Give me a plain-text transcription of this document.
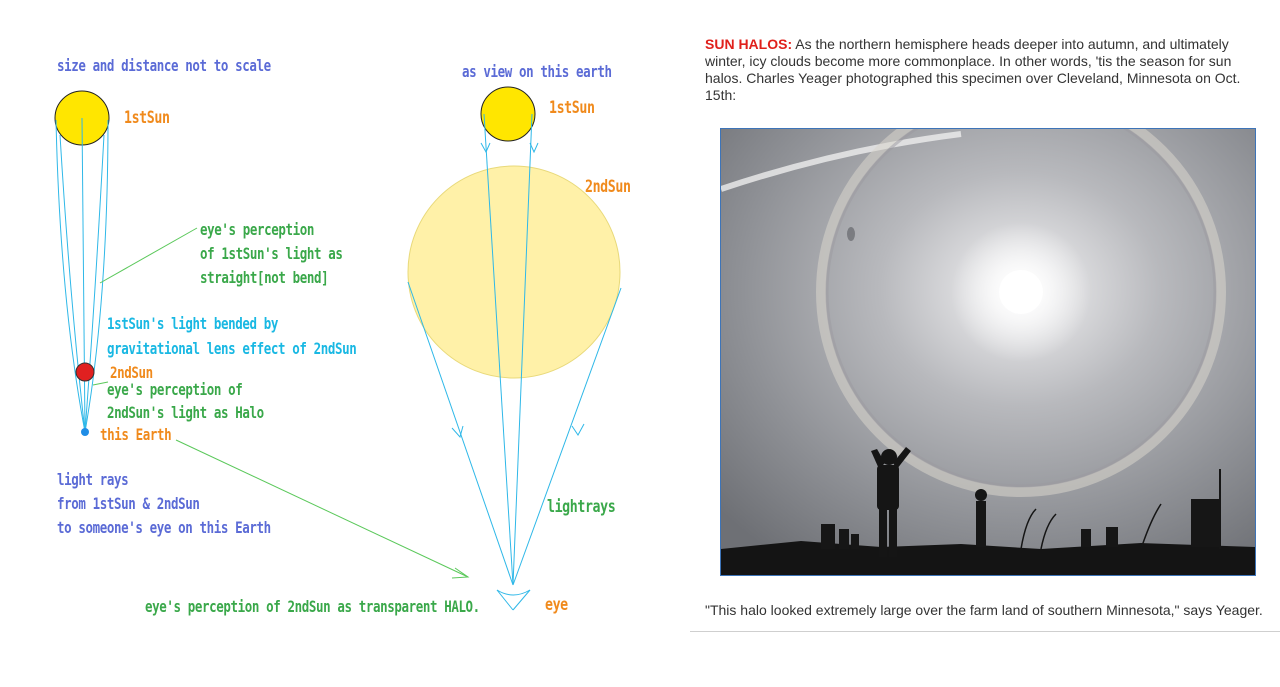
size and distance not to scale	as view on this earth
1stSun	1stSun
2ndSun
eye's perception
of 1stSun's light as
straight[not bend]
1stSun's light bended by
gravitational lens effect of 2ndSun
2ndSun
eye's perception of
2ndSun's light as Halo
this Earth
light rays
from 1stSun & 2ndSun
to someone's eye on this Earth
lightrays
eye's perception of 2ndSun as transparent HALO.	eye
SUN HALOS: As the northern hemisphere heads deeper into autumn, and ultimately winter, icy clouds become more commonplace. In other words, 'tis the season for sun halos. Charles Yeager photographed this specimen over Cleveland, Minnesota on Oct. 15th:
"This halo looked extremely large over the farm land of southern Minnesota," says Yeager.
